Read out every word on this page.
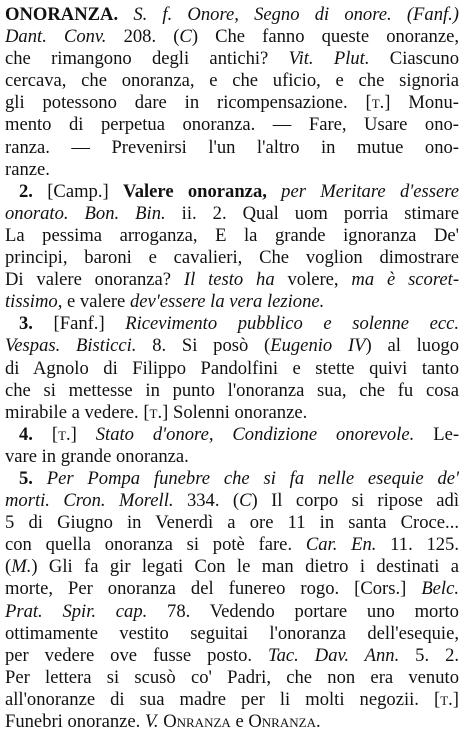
ONORANZA. S. f. Onore, Segno di onore. (Fanf.)
Dant. Conv. 208. (C) Che fanno queste onoranze,
che rimangono degli antichi? Vit. Plut. Ciascuno
cercava, che onoranza, e che uficio, e che signoria
gli potessono dare in ricompensazione. [t.] Monu-
mento di perpetua onoranza. — Fare, Usare ono-
ranza. — Prevenirsi l'un l'altro in mutue ono-
ranze.
2. [Camp.] Valere onoranza, per Meritare d'essere
onorato. Bon. Bin. ii. 2. Qual uom porria stimare
La pessima arroganza, E la grande ignoranza De'
principi, baroni e cavalieri, Che voglion dimostrare
Di valere onoranza? Il testo ha volere, ma è scoret-
tissimo, e valere dev'essere la vera lezione.
3. [Fanf.] Ricevimento pubblico e solenne ecc.
Vespas. Bisticci. 8. Si posò (Eugenio IV) al luogo
di Agnolo di Filippo Pandolfini e stette quivi tanto
che si mettesse in punto l'onoranza sua, che fu cosa
mirabile a vedere. [t.] Solenni onoranze.
4. [t.] Stato d'onore, Condizione onorevole. Le-
vare in grande onoranza.
5. Per Pompa funebre che si fa nelle esequie de'
morti. Cron. Morell. 334. (C) Il corpo si ripose adì
5 di Giugno in Venerdì a ore 11 in santa Croce...
con quella onoranza si potè fare. Car. En. 11. 125.
(M.) Gli fa gir legati Con le man dietro i destinati a
morte, Per onoranza del funereo rogo. [Cors.] Belc.
Prat. Spir. cap. 78. Vedendo portare uno morto
ottimamente vestito seguitai l'onoranza dell'esequie,
per vedere ove fusse posto. Tac. Dav. Ann. 5. 2.
Per lettera si scusò co' Padri, che non era venuto
all'onoranze di sua madre per li molti negozii. [t.]
Funebri onoranze. V. Onranza e Onranza.
